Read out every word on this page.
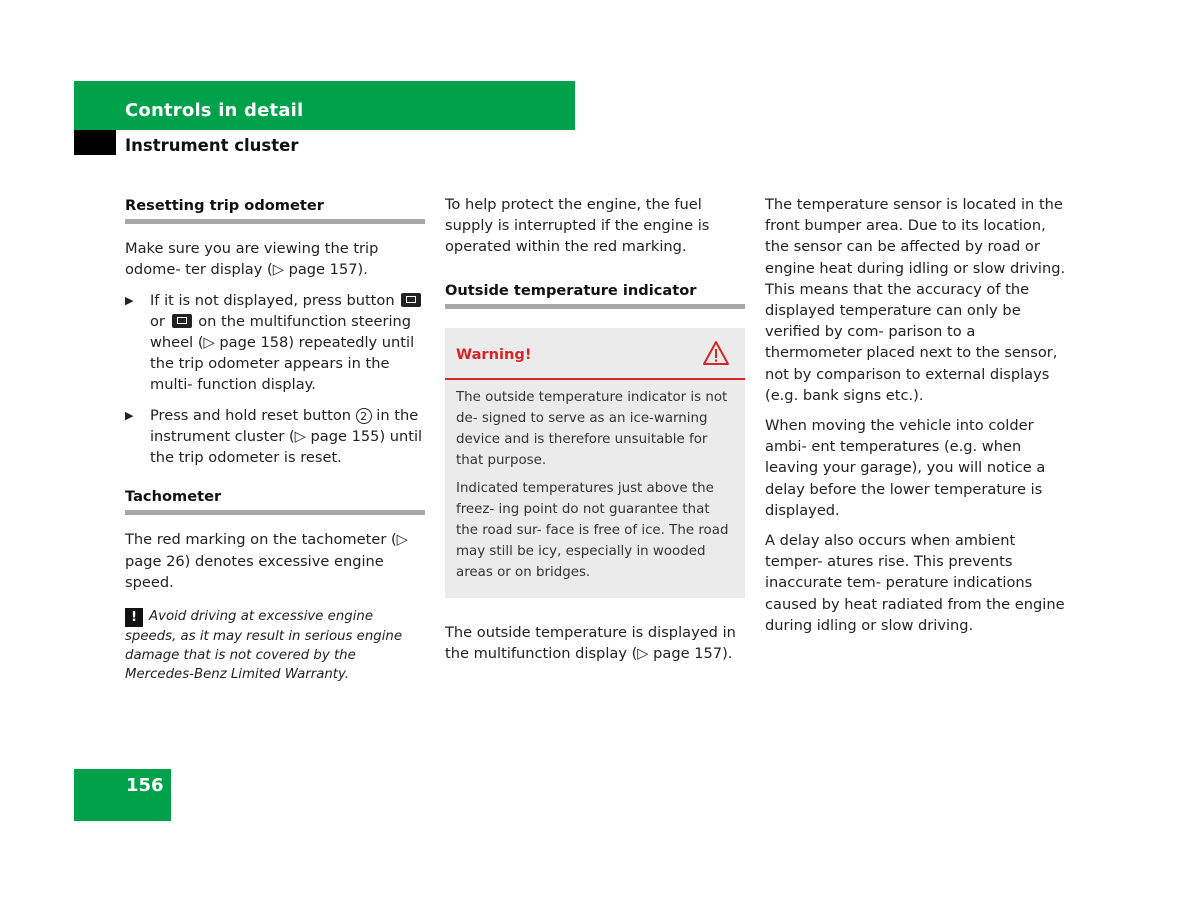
Controls in detail
Instrument cluster
Resetting trip odometer

Make sure you are viewing the trip odome- ter display (▷ page 157).

▶ If it is not displayed, press button  or on the multifunction steering wheel (▷ page 158) repeatedly until the trip odometer appears in the multi- function display.
▶ Press and hold reset button 2 in the instrument cluster (▷ page 155) until the trip odometer is reset.
Tachometer

The red marking on the tachometer (▷ page 26) denotes excessive engine speed.

! Avoid driving at excessive engine speeds, as it may result in serious engine damage that is not covered by the Mercedes-Benz Limited Warranty.

To help protect the engine, the fuel supply is interrupted if the engine is operated within the red marking.

Outside temperature indicator
Warning!

The outside temperature indicator is not de- signed to serve as an ice-warning device and is therefore unsuitable for that purpose.

Indicated temperatures just above the freez- ing point do not guarantee that the road sur- face is free of ice. The road may still be icy, especially in wooded areas or on bridges.

The outside temperature is displayed in the multifunction display (▷ page 157).

The temperature sensor is located in the front bumper area. Due to its location, the sensor can be affected by road or engine heat during idling or slow driving. This means that the accuracy of the displayed temperature can only be verified by com- parison to a thermometer placed next to the sensor, not by comparison to external displays (e.g. bank signs etc.).

When moving the vehicle into colder ambi- ent temperatures (e.g. when leaving your garage), you will notice a delay before the lower temperature is displayed.

A delay also occurs when ambient temper- atures rise. This prevents inaccurate tem- perature indications caused by heat radiated from the engine during idling or slow driving.

156
